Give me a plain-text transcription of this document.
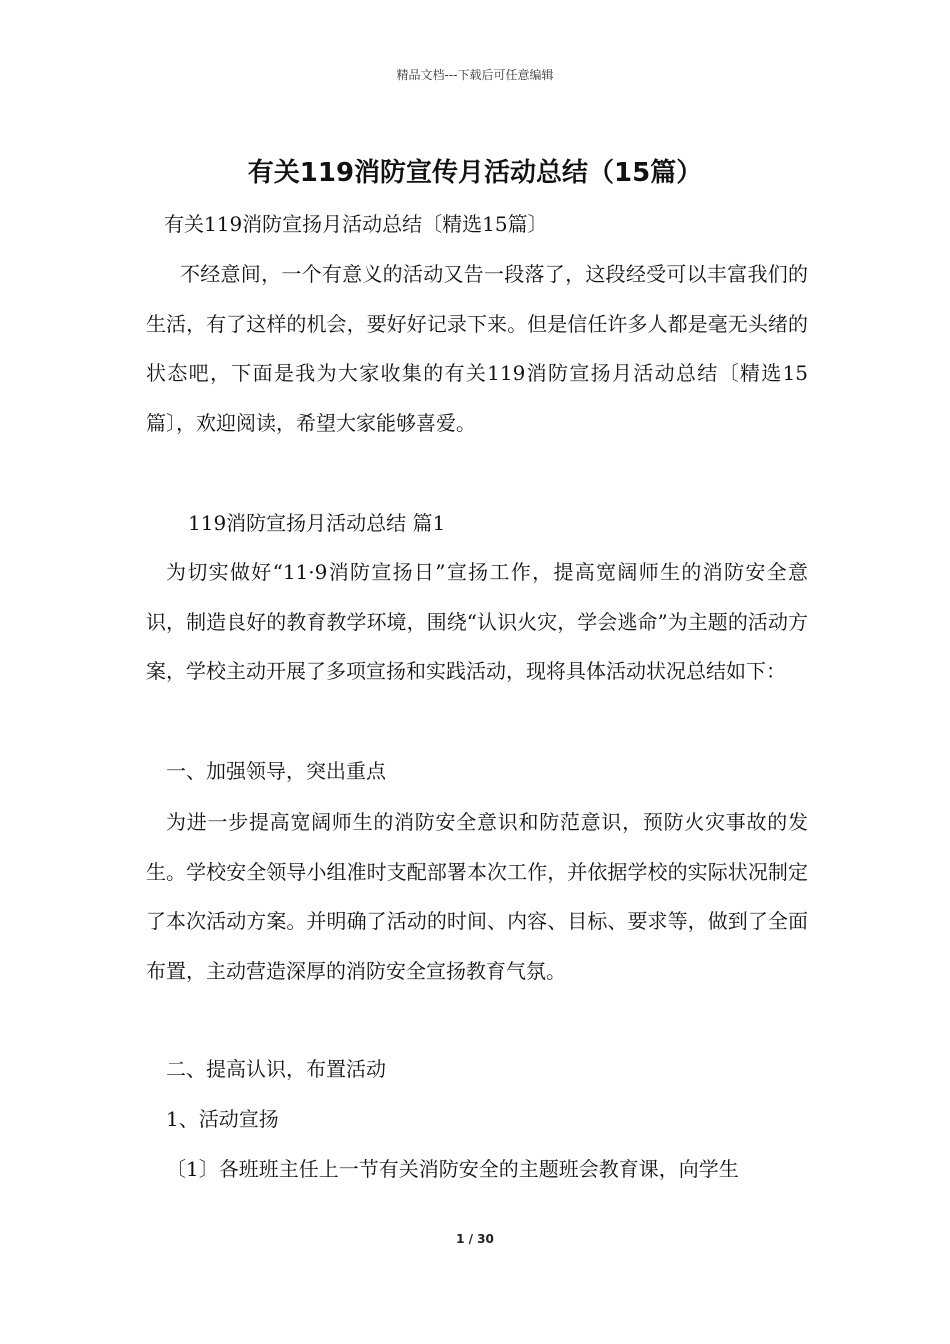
精品文档---下载后可任意编辑
有关119消防宣传月活动总结（15篇）

有关119消防宣扬月活动总结〔精选15篇〕

不经意间，一个有意义的活动又告一段落了，这段经受可以丰富我们的生活，有了这样的机会，要好好记录下来。但是信任许多人都是毫无头绪的状态吧，下面是我为大家收集的有关119消防宣扬月活动总结〔精选15篇〕，欢迎阅读，希望大家能够喜爱。

119消防宣扬月活动总结 篇1

为切实做好“11·9消防宣扬日”宣扬工作，提高宽阔师生的消防安全意识，制造良好的教育教学环境，围绕“认识火灾，学会逃命”为主题的活动方案，学校主动开展了多项宣扬和实践活动，现将具体活动状况总结如下：

一、加强领导，突出重点

为进一步提高宽阔师生的消防安全意识和防范意识，预防火灾事故的发生。学校安全领导小组准时支配部署本次工作，并依据学校的实际状况制定了本次活动方案。并明确了活动的时间、内容、目标、要求等，做到了全面布置，主动营造深厚的消防安全宣扬教育气氛。

二、提高认识，布置活动

1、活动宣扬

〔1〕各班班主任上一节有关消防安全的主题班会教育课，向学生

1 / 30
